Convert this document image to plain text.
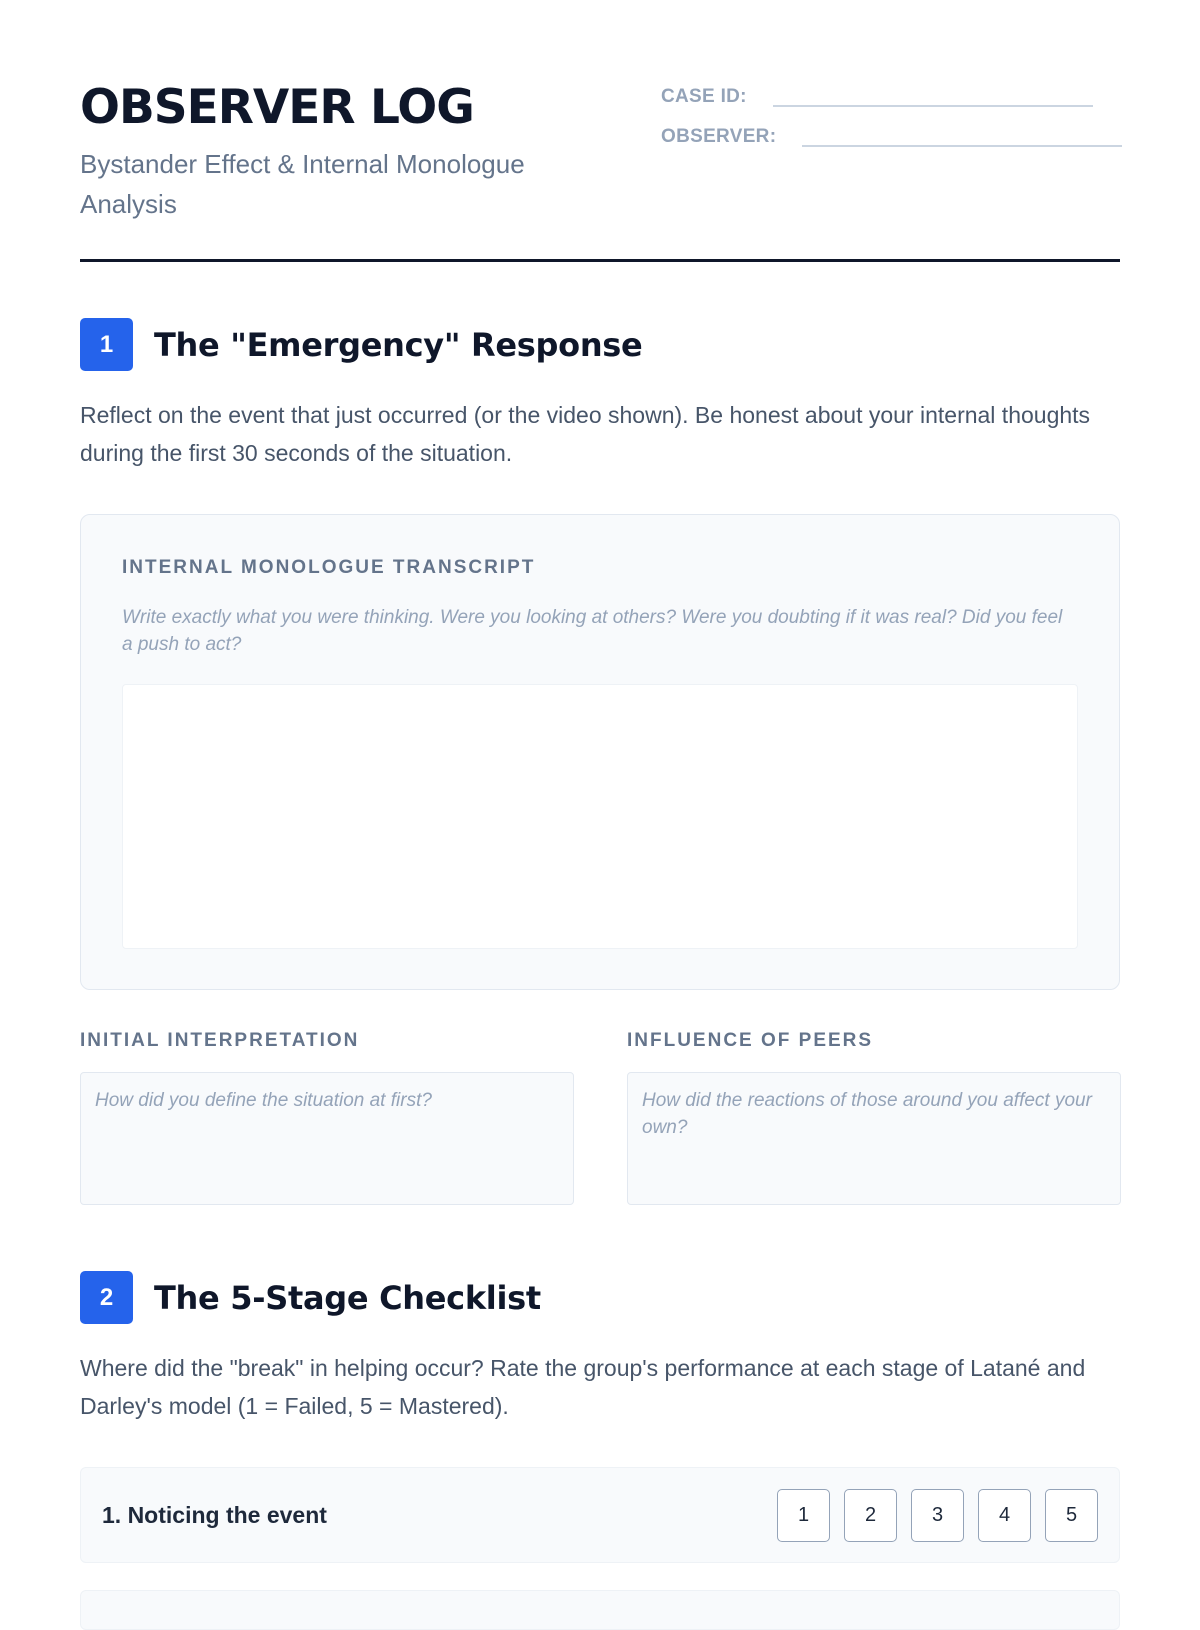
OBSERVER LOG

Bystander Effect & Internal Monologue Analysis

CASE ID:
OBSERVER:
1	The "Emergency" Response

Reflect on the event that just occurred (or the video shown). Be honest about your internal thoughts during the first 30 seconds of the situation.

INTERNAL MONOLOGUE TRANSCRIPT
Write exactly what you were thinking. Were you looking at others? Were you doubting if it was real? Did you feel a push to act?
INITIAL INTERPRETATION
How did you define the situation at first?
INFLUENCE OF PEERS
How did the reactions of those around you affect your own?
2	The 5-Stage Checklist

Where did the "break" in helping occur? Rate the group's performance at each stage of Latané and Darley's model (1 = Failed, 5 = Mastered).

1. Noticing the event	1	2	3	4	5
